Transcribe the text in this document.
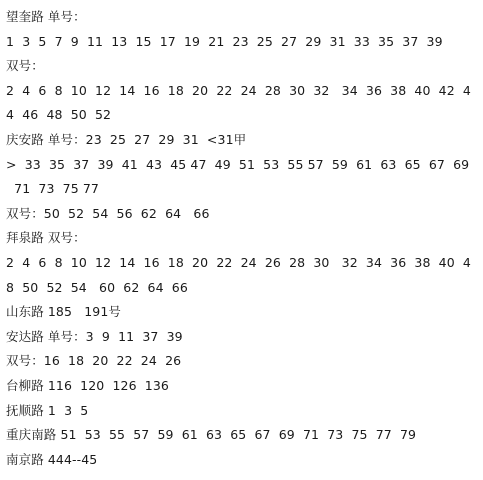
望奎路 单号：
1  3  5  7  9  11  13  15  17  19  21  23  25  27  29  31  33  35  37  39
双号：
2  4  6  8  10  12  14  16  18  20  22  24  28  30  32   34  36  38  40  42  4
4  46  48  50  52
庆安路 单号：23  25  27  29  31  <31甲
>  33  35  37  39  41  43  45 47  49  51  53  55 57  59  61  63  65  67  69
71  73  75 77
双号：50  52  54  56  62  64   66
拜泉路 双号：
2  4  6  8  10  12  14  16  18  20  22  24  26  28  30   32  34  36  38  40  4
8  50  52  54   60  62  64  66
山东路 185   191号
安达路 单号：3  9  11  37  39
双号：16  18  20  22  24  26
台柳路 116  120  126  136
抚顺路 1  3  5
重庆南路 51  53  55  57  59  61  63  65  67  69  71  73  75  77  79
南京路 444--45
